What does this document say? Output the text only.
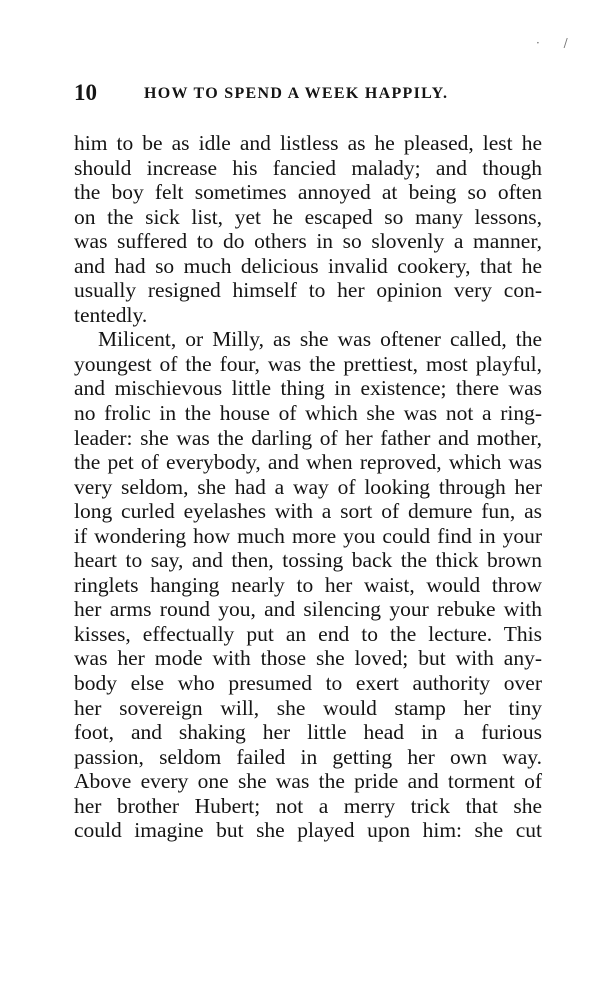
· /
10	HOW TO SPEND A WEEK HAPPILY.
him to be as idle and listless as he pleased, lest he
should increase his fancied malady; and though
the boy felt sometimes annoyed at being so often
on the sick list, yet he escaped so many lessons,
was suffered to do others in so slovenly a manner,
and had so much delicious invalid cookery, that he
usually resigned himself to her opinion very con-
tentedly.
Milicent, or Milly, as she was oftener called, the
youngest of the four, was the prettiest, most playful,
and mischievous little thing in existence; there was
no frolic in the house of which she was not a ring-
leader: she was the darling of her father and mother,
the pet of everybody, and when reproved, which was
very seldom, she had a way of looking through her
long curled eyelashes with a sort of demure fun, as
if wondering how much more you could find in your
heart to say, and then, tossing back the thick brown
ringlets hanging nearly to her waist, would throw
her arms round you, and silencing your rebuke with
kisses, effectually put an end to the lecture. This
was her mode with those she loved; but with any-
body else who presumed to exert authority over
her sovereign will, she would stamp her tiny
foot, and shaking her little head in a furious
passion, seldom failed in getting her own way.
Above every one she was the pride and torment of
her brother Hubert; not a merry trick that she
could imagine but she played upon him: she cut
